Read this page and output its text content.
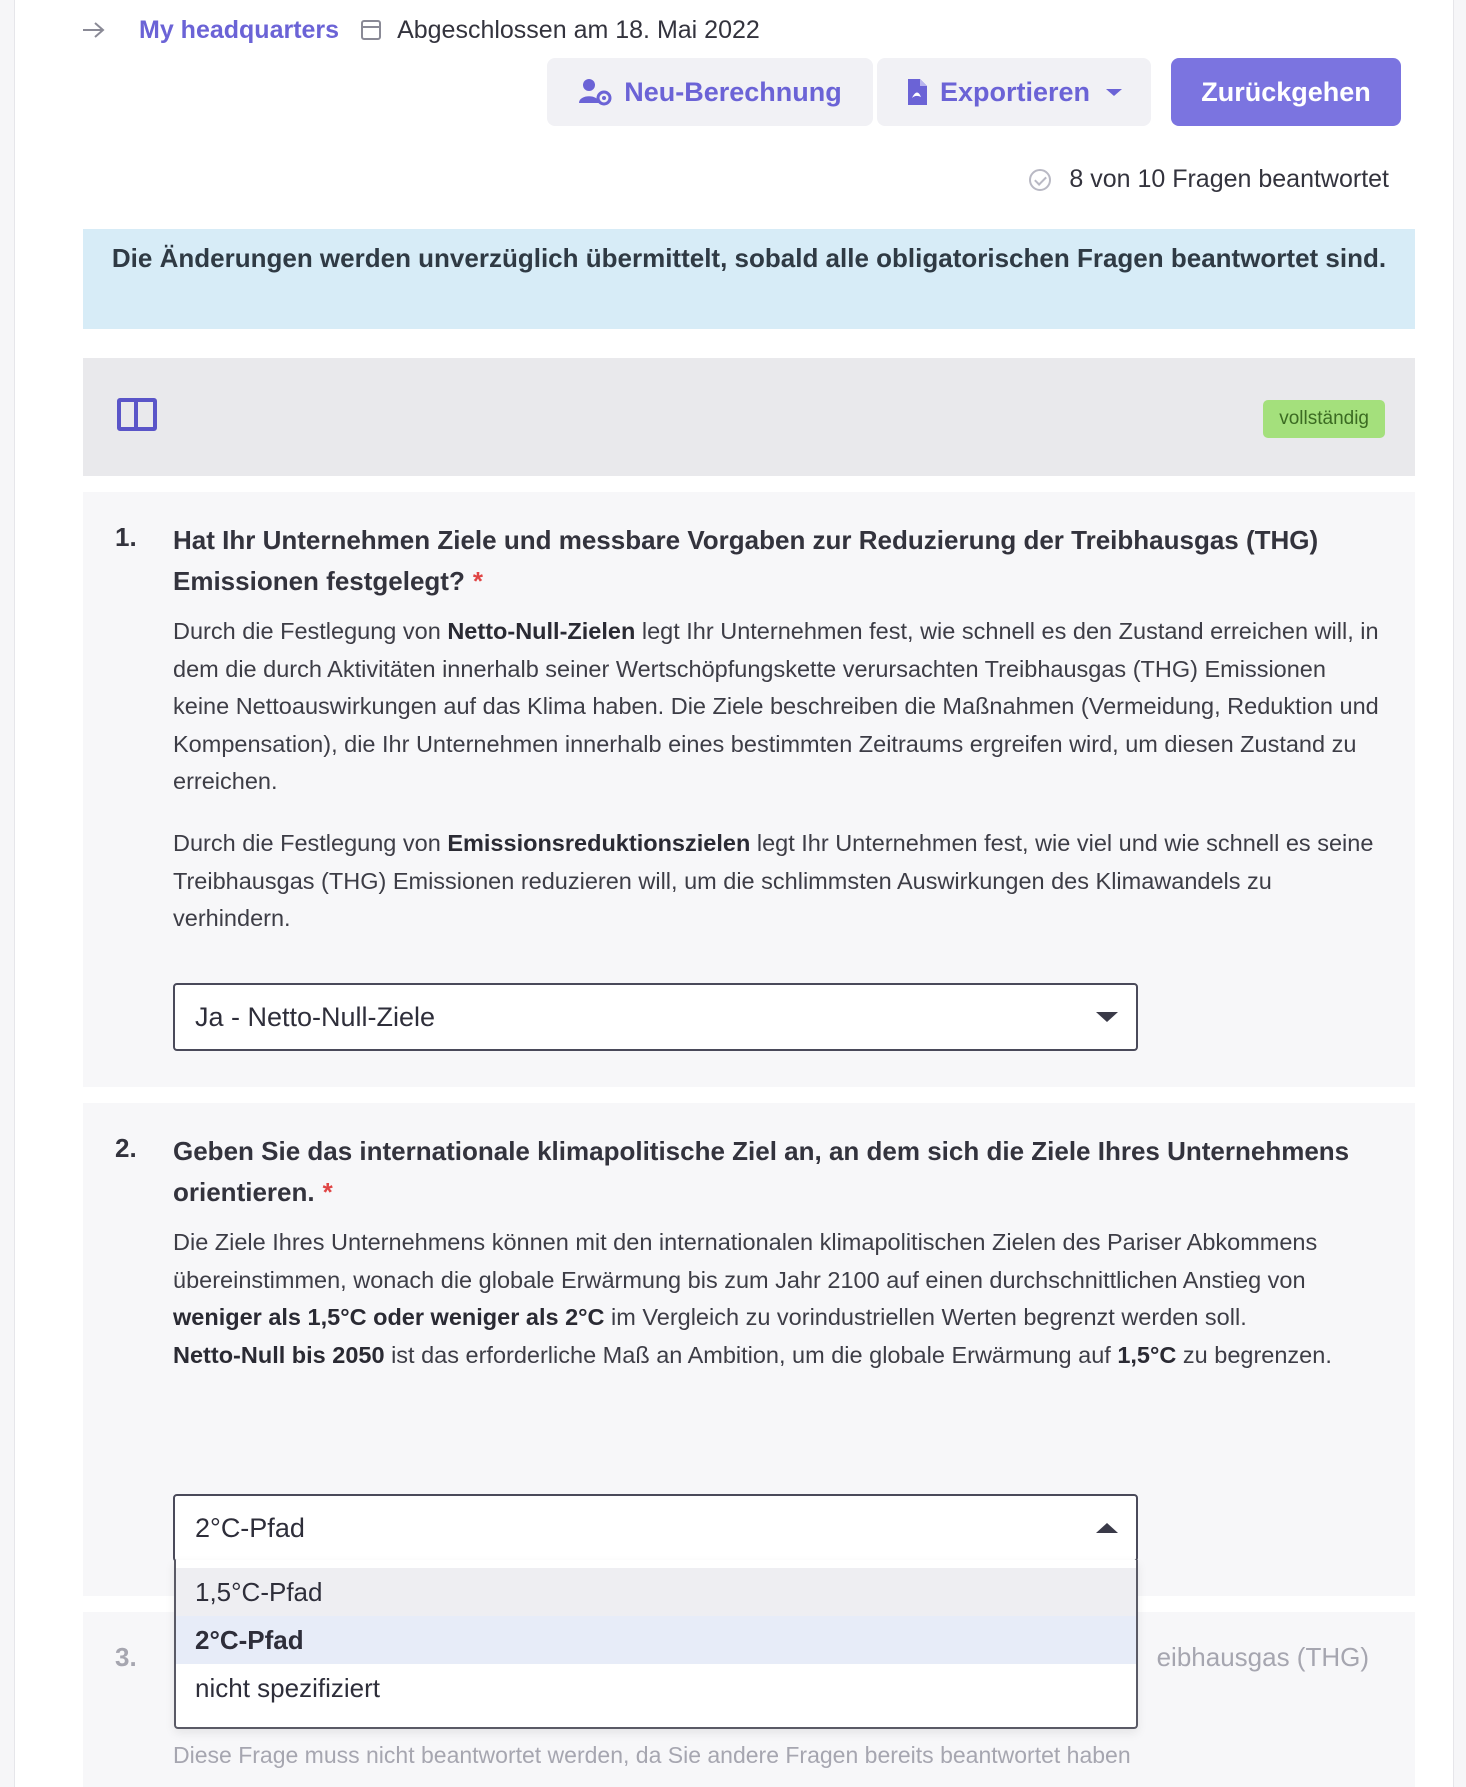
My headquarters Abgeschlossen am 18. Mai 2022
Neu-Berechnung	Exportieren	Zurückgehen
8 von 10 Fragen beantwortet
Die Änderungen werden unverzüglich übermittelt, sobald alle obligatorischen Fragen beantwortet sind.
vollständig
1. Hat Ihr Unternehmen Ziele und messbare Vorgaben zur Reduzierung der Treibhausgas (THG) Emissionen festgelegt? *
Durch die Festlegung von Netto-Null-Zielen legt Ihr Unternehmen fest, wie schnell es den Zustand erreichen will, in dem die durch Aktivitäten innerhalb seiner Wertschöpfungskette verursachten Treibhausgas (THG) Emissionen keine Nettoauswirkungen auf das Klima haben. Die Ziele beschreiben die Maßnahmen (Vermeidung, Reduktion und Kompensation), die Ihr Unternehmen innerhalb eines bestimmten Zeitraums ergreifen wird, um diesen Zustand zu erreichen.
Durch die Festlegung von Emissionsreduktionszielen legt Ihr Unternehmen fest, wie viel und wie schnell es seine Treibhausgas (THG) Emissionen reduzieren will, um die schlimmsten Auswirkungen des Klimawandels zu verhindern.
Ja - Netto-Null-Ziele
2. Geben Sie das internationale klimapolitische Ziel an, an dem sich die Ziele Ihres Unternehmens orientieren. *
Die Ziele Ihres Unternehmens können mit den internationalen klimapolitischen Zielen des Pariser Abkommens übereinstimmen, wonach die globale Erwärmung bis zum Jahr 2100 auf einen durchschnittlichen Anstieg von weniger als 1,5°C oder weniger als 2°C im Vergleich zu vorindustriellen Werten begrenzt werden soll.
Netto-Null bis 2050 ist das erforderliche Maß an Ambition, um die globale Erwärmung auf 1,5°C zu begrenzen.
2°C-Pfad
3.	eibhausgas (THG)
Diese Frage muss nicht beantwortet werden, da Sie andere Fragen bereits beantwortet haben
1,5°C-Pfad
2°C-Pfad
nicht spezifiziert
